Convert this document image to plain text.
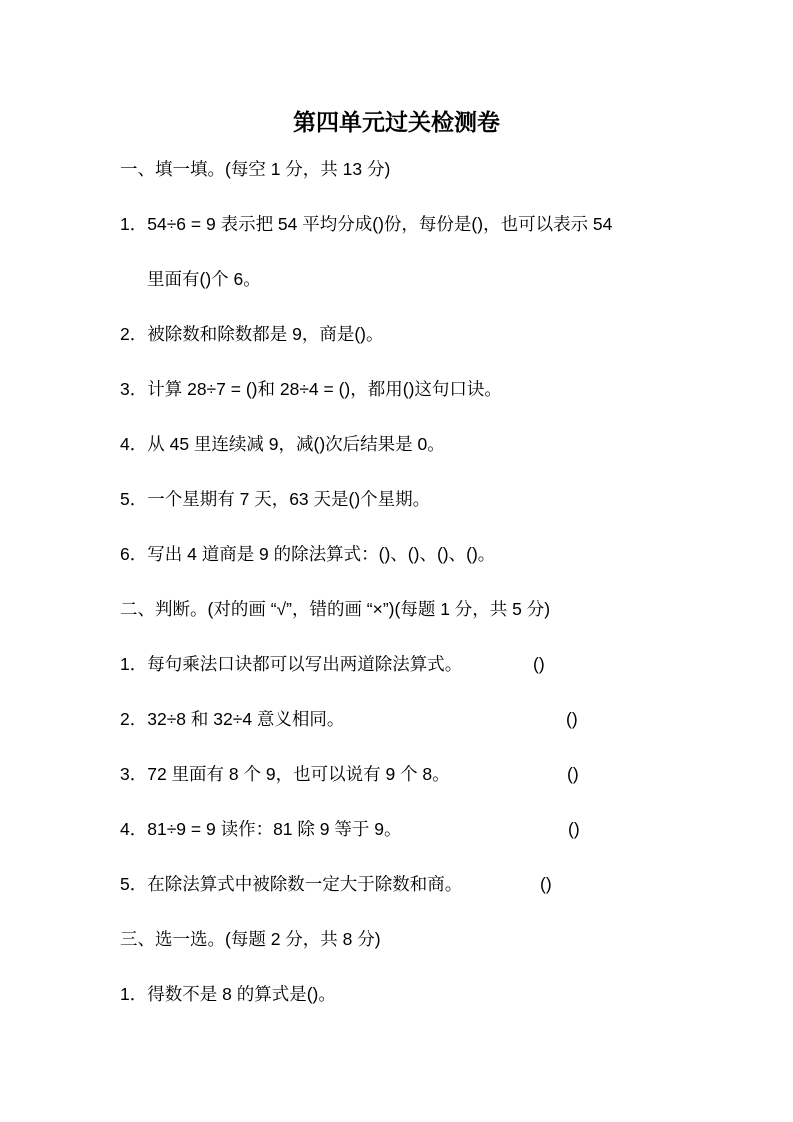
第四单元过关检测卷
一、填一填。(每空 1 分，共 13 分)
1．54÷6 = 9 表示把 54 平均分成()份，每份是()，也可以表示 54
里面有()个 6。
2．被除数和除数都是 9，商是()。
3．计算 28÷7 = ()和 28÷4 = ()，都用()这句口诀。
4．从 45 里连续减 9，减()次后结果是 0。
5．一个星期有 7 天，63 天是()个星期。
6．写出 4 道商是 9 的除法算式：()、()、()、()。
二、判断。(对的画 “√”，错的画 “×”)(每题 1 分，共 5 分)
1．每句乘法口诀都可以写出两道除法算式。	()
2．32÷8 和 32÷4 意义相同。	()
3．72 里面有 8 个 9，也可以说有 9 个 8。	()
4．81÷9 = 9 读作：81 除 9 等于 9。	()
5．在除法算式中被除数一定大于除数和商。	()
三、选一选。(每题 2 分，共 8 分)
1．得数不是 8 的算式是()。
